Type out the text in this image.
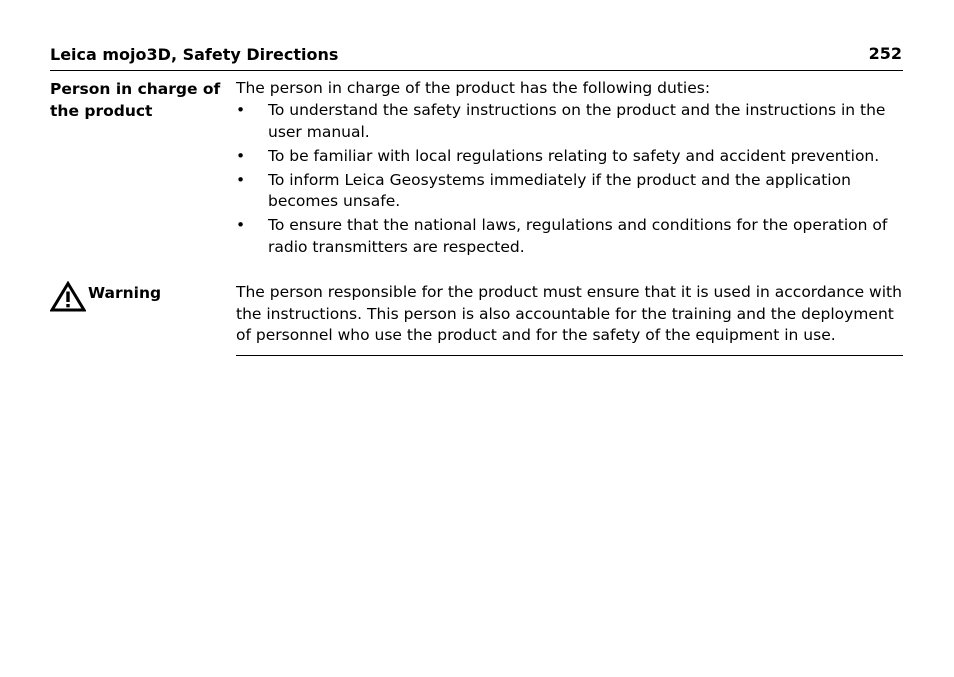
Leica mojo3D, Safety Directions	252
Person in charge of the product

The person in charge of the product has the following duties:

• To understand the safety instructions on the product and the instructions in the user manual.
• To be familiar with local regulations relating to safety and accident prevention.
• To inform Leica Geosystems immediately if the product and the application becomes unsafe.
• To ensure that the national laws, regulations and conditions for the operation of radio transmitters are respected.
Warning	The person responsible for the product must ensure that it is used in accordance with the instructions. This person is also accountable for the training and the deployment of personnel who use the product and for the safety of the equipment in use.
